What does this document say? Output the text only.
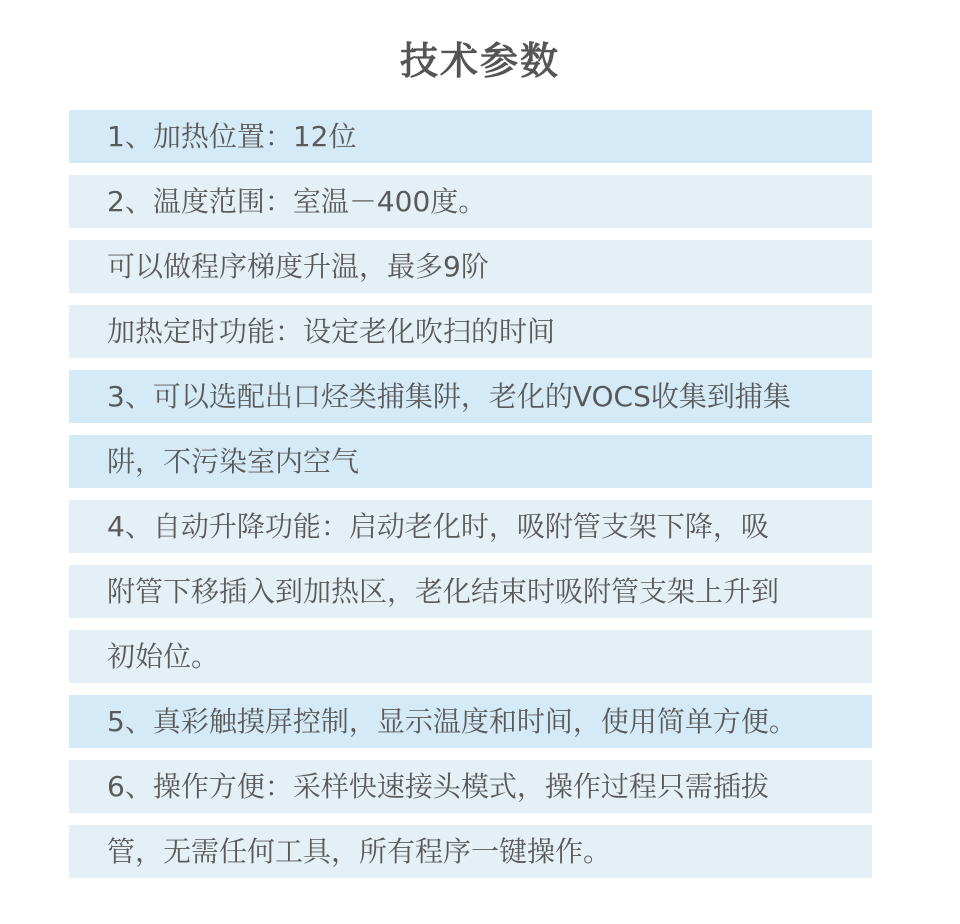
技术参数
1、加热位置：12位
2、温度范围：室温－400度。
可以做程序梯度升温，最多9阶
加热定时功能：设定老化吹扫的时间
3、可以选配出口烃类捕集阱，老化的VOCS收集到捕集
阱，不污染室内空气
4、自动升降功能：启动老化时，吸附管支架下降，吸
附管下移插入到加热区，老化结束时吸附管支架上升到
初始位。
5、真彩触摸屏控制，显示温度和时间，使用简单方便。
6、操作方便：采样快速接头模式，操作过程只需插拔
管，无需任何工具，所有程序一键操作。
